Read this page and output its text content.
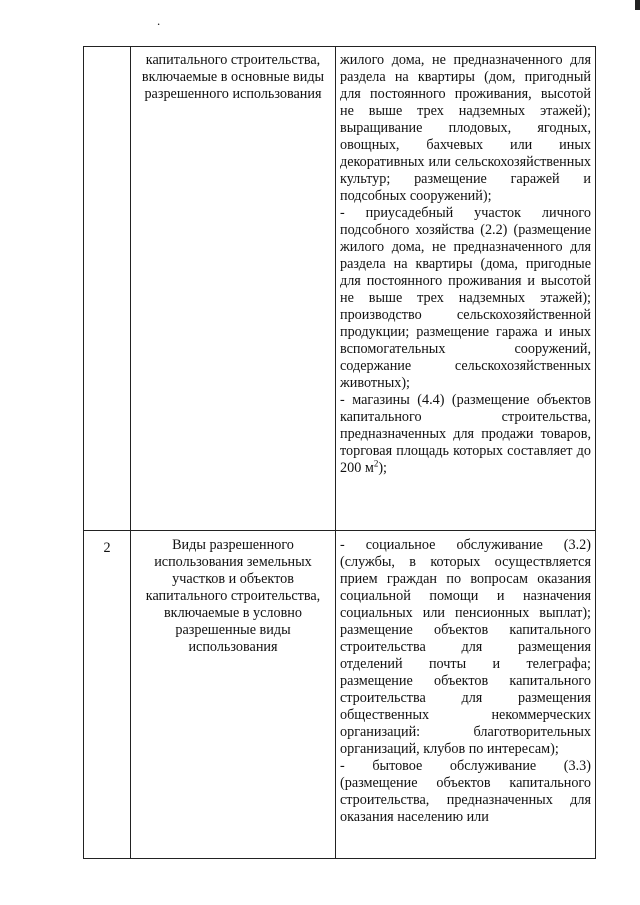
.
	капитального строительства, включаемые в основные виды разрешенного использования	жилого дома, не предназначенного для раздела на квартиры (дом, пригодный для постоянного проживания, высотой не выше трех надземных этажей); выращивание плодовых, ягодных, овощных, бахчевых или иных декоративных или сельскохозяйственных культур; размещение гаражей и подсобных сооружений);

- приусадебный участок личного подсобного хозяйства (2.2) (размещение жилого дома, не предназначенного для раздела на квартиры (дома, пригодные для постоянного проживания и высотой не выше трех надземных этажей); производство сельскохозяйственной продукции; размещение гаража и иных вспомогательных сооружений, содержание сельскохозяйственных животных);

- магазины (4.4) (размещение объектов капитального строительства, предназначенных для продажи товаров, торговая площадь которых составляет до 200 $м^2$);

2	Виды разрешенного использования земельных участков и объектов капитального строительства, включаемые в условно разрешенные виды использования	- социальное обслуживание (3.2) (службы, в которых осуществляется прием граждан по вопросам оказания социальной помощи и назначения социальных или пенсионных выплат); размещение объектов капитального строительства для размещения отделений почты и телеграфа; размещение объектов капитального строительства для размещения общественных некоммерческих организаций: благотворительных организаций, клубов по интересам);

- бытовое обслуживание (3.3) (размещение объектов капитального строительства, предназначенных для оказания населению или
